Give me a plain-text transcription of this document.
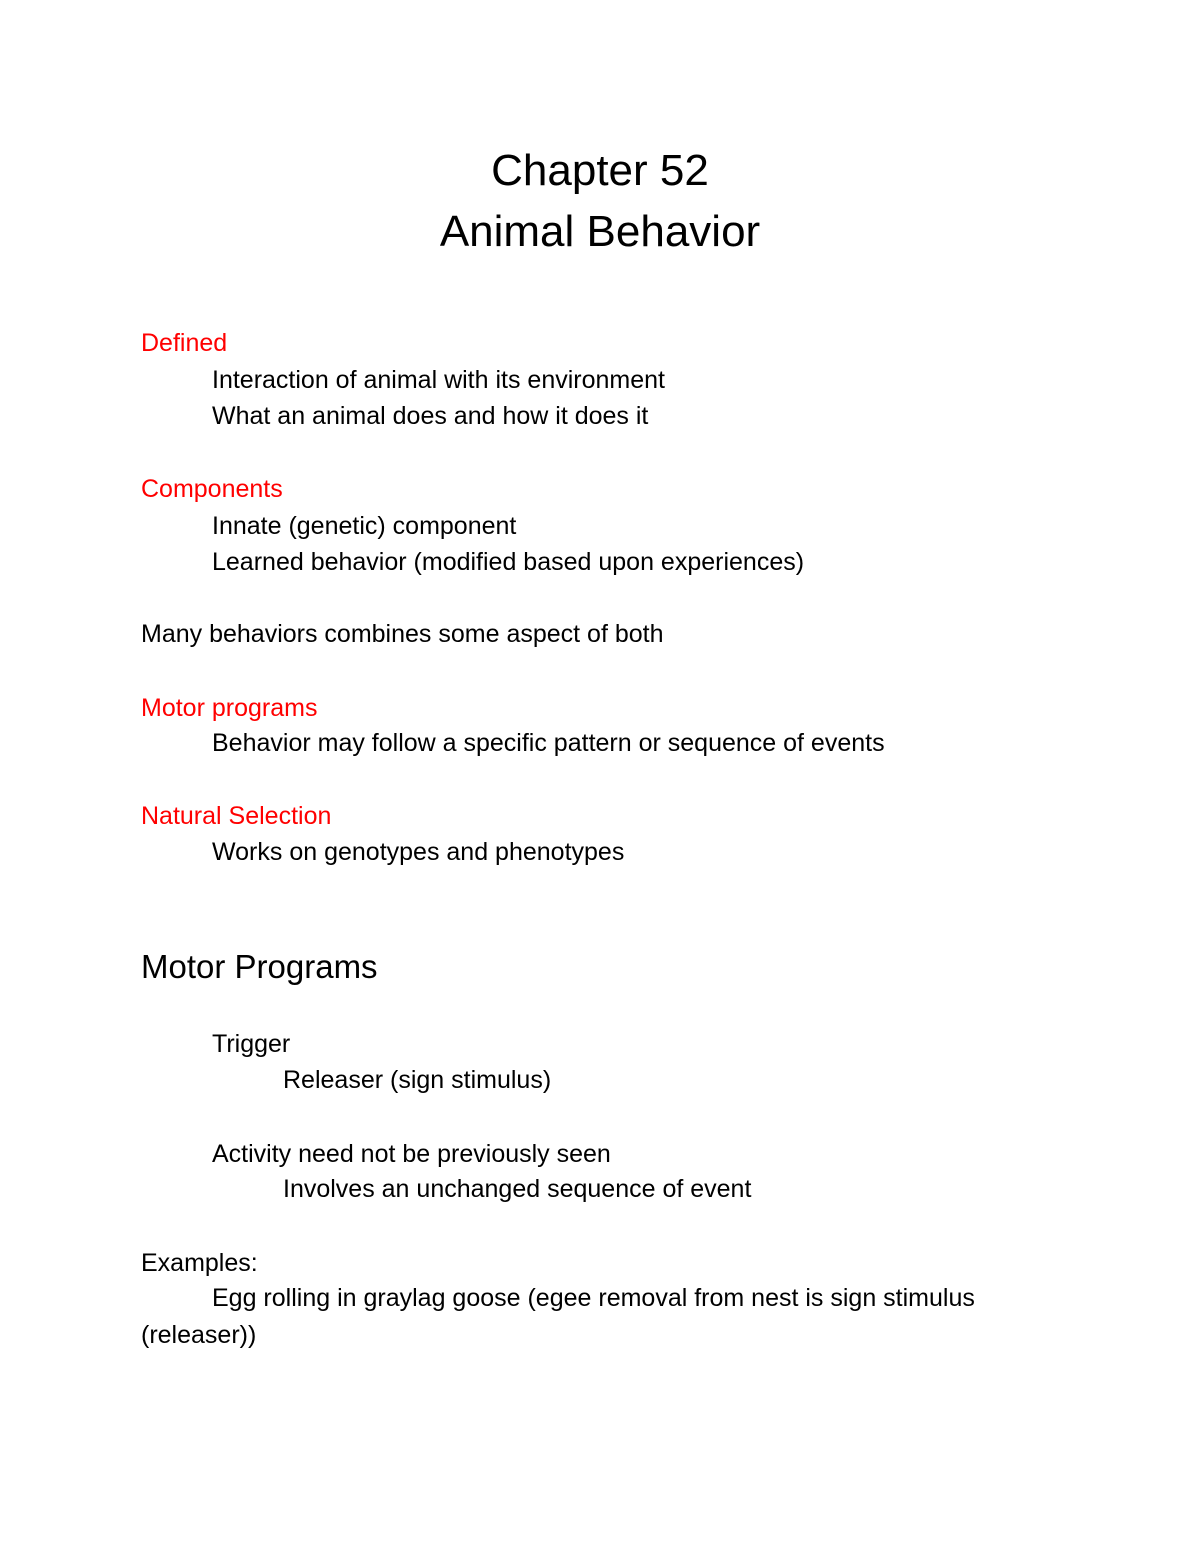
Chapter 52
Animal Behavior
Defined
Interaction of animal with its environment
What an animal does and how it does it
Components
Innate (genetic) component
Learned behavior (modified based upon experiences)
Many behaviors combines some aspect of both
Motor programs
Behavior may follow a specific pattern or sequence of events
Natural Selection
Works on genotypes and phenotypes
Motor Programs
Trigger
Releaser (sign stimulus)
Activity need not be previously seen
Involves an unchanged sequence of event
Examples:
Egg rolling in graylag goose (egee removal from nest is sign stimulus
(releaser))
